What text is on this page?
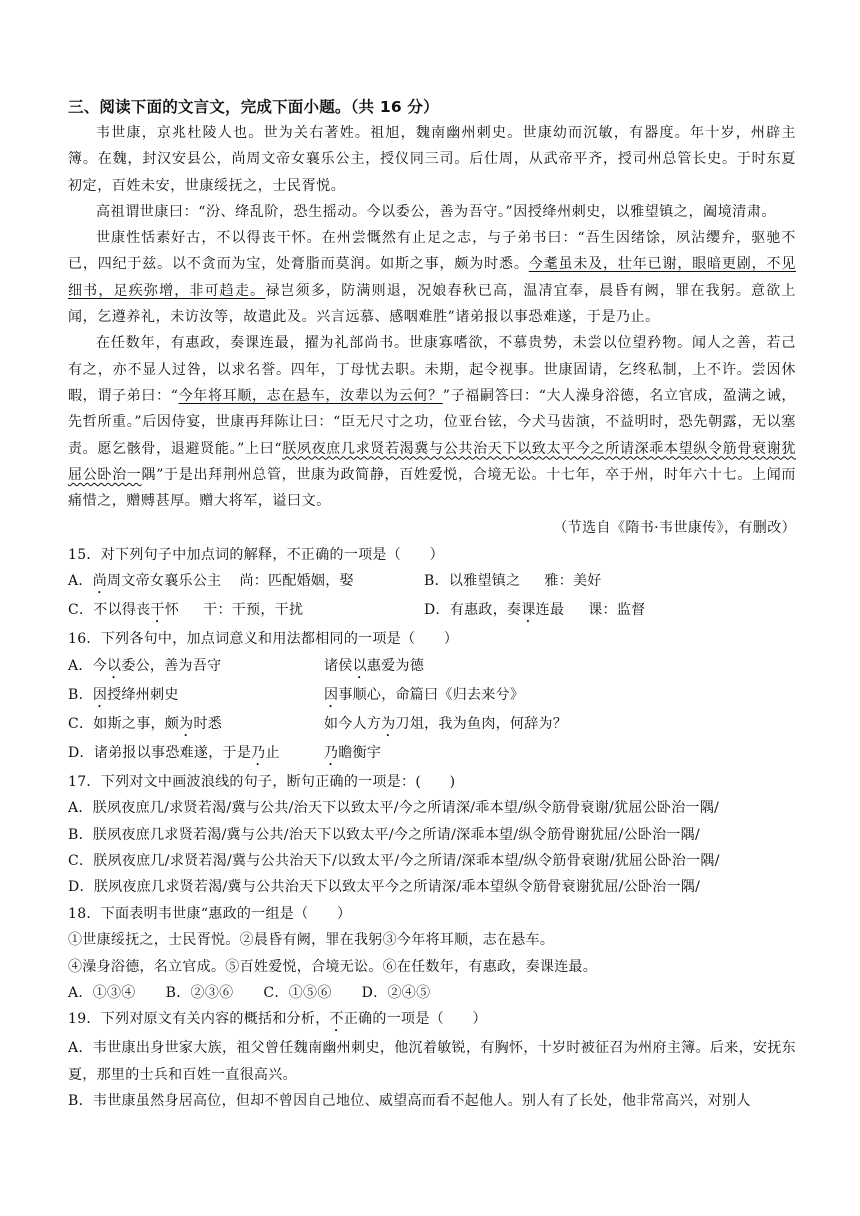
三、阅读下面的文言文，完成下面小题。（共 16 分）

韦世康，京兆杜陵人也。世为关右著姓。祖旭，魏南幽州刺史。世康幼而沉敏，有器度。年十岁，州辟主簿。在魏，封汉安县公，尚周文帝女襄乐公主，授仪同三司。后仕周，从武帝平齐，授司州总管长史。于时东夏初定，百姓未安，世康绥抚之，士民胥悦。

高祖谓世康曰：“汾、绛乱阶，恐生摇动。今以委公，善为吾守。”因授绛州刺史，以雅望镇之，阖境清肃。

世康性恬素好古，不以得丧干怀。在州尝慨然有止足之志，与子弟书曰：“吾生因绪馀，夙沾缨弁，驱驰不已，四纪于兹。以不贪而为宝，处膏脂而莫润。如斯之事，颇为时悉。今耄虽未及，壮年已谢，眼暗更剧，不见细书，足疾弥增，非可趋走。禄岂须多，防满则退，况娘春秋已高，温凊宜奉，晨昏有阙，罪在我躬。意欲上闻，乞遵养礼，未访汝等，故遣此及。兴言远慕、感咽难胜”诸弟报以事恐难遂，于是乃止。

在任数年，有惠政，奏课连最，擢为礼部尚书。世康寡嗜欲，不慕贵势，未尝以位望矜物。闻人之善，若己有之，亦不显人过咎，以求名誉。四年，丁母忧去职。未期，起令视事。世康固请，乞终私制，上不许。尝因休暇，谓子弟曰：“今年将耳顺，志在悬车，汝辈以为云何？”子福嗣答曰：“大人澡身浴德，名立官成，盈满之诫，先哲所重。”后因侍宴，世康再拜陈让曰：“臣无尺寸之功，位亚台铉，今犬马齿演，不益明时，恐先朝露，无以塞责。愿乞骸骨，退避贤能。”上曰“朕夙夜庶几求贤若渴冀与公共治天下以致太平今之所请深乖本望纵令筋骨衰谢犹屈公卧治一隅”于是出拜荆州总管，世康为政简静，百姓爱悦，合境无讼。十七年，卒于州，时年六十七。上闻而痛惜之，赠赙甚厚。赠大将军，谥曰文。

（节选自《隋书·韦世康传》，有删改）

15．对下列句子中加点词的解释，不正确的一项是（　　）

A．尚周文帝女襄乐公主 尚：匹配婚姻，娶	B．以雅望镇之 雅：美好
C．不以得丧干怀 干：干预，干扰	D．有惠政，奏课连最 课：监督

16．下列各句中，加点词意义和用法都相同的一项是（　　）

A．今以委公，善为吾守	诸侯以惠爱为德
B．因授绛州刺史	因事顺心，命篇曰《归去来兮》
C．如斯之事，颇为时悉	如今人方为刀俎，我为鱼肉，何辞为？
D．诸弟报以事恐难遂，于是乃止	乃瞻衡宇

17．下列对文中画波浪线的句子，断句正确的一项是：(　　)

A．朕夙夜庶几/求贤若渴/冀与公共/治天下以致太平/今之所请深/乖本望/纵令筋骨衰谢/犹屈公卧治一隅/

B．朕夙夜庶几求贤若渴/冀与公共/治天下以致太平/今之所请/深乖本望/纵令筋骨谢犹屈/公卧治一隅/

C．朕夙夜庶几/求贤若渴/冀与公共治天下/以致太平/今之所请/深乖本望/纵令筋骨衰谢/犹屈公卧治一隅/

D．朕夙夜庶几求贤若渴/冀与公共治天下以致太平今之所请深/乖本望纵令筋骨衰谢犹屈/公卧治一隅/

18．下面表明韦世康“惠政的一组是（　　）

①世康绥抚之，士民胥悦。②晨昏有阙，罪在我躬③今年将耳顺，志在悬车。

④澡身浴德，名立官成。⑤百姓爱悦，合境无讼。⑥在任数年，有惠政，奏课连最。

A．①③④ B．②③⑥ C．①⑤⑥ D．②④⑤

19．下列对原文有关内容的概括和分析，不正确的一项是（　　）

A．韦世康出身世家大族，祖父曾任魏南幽州刺史，他沉着敏锐，有胸怀，十岁时被征召为州府主簿。后来，安抚东夏，那里的士兵和百姓一直很高兴。

B．韦世康虽然身居高位，但却不曾因自己地位、威望高而看不起他人。别人有了长处，他非常高兴，对别人
